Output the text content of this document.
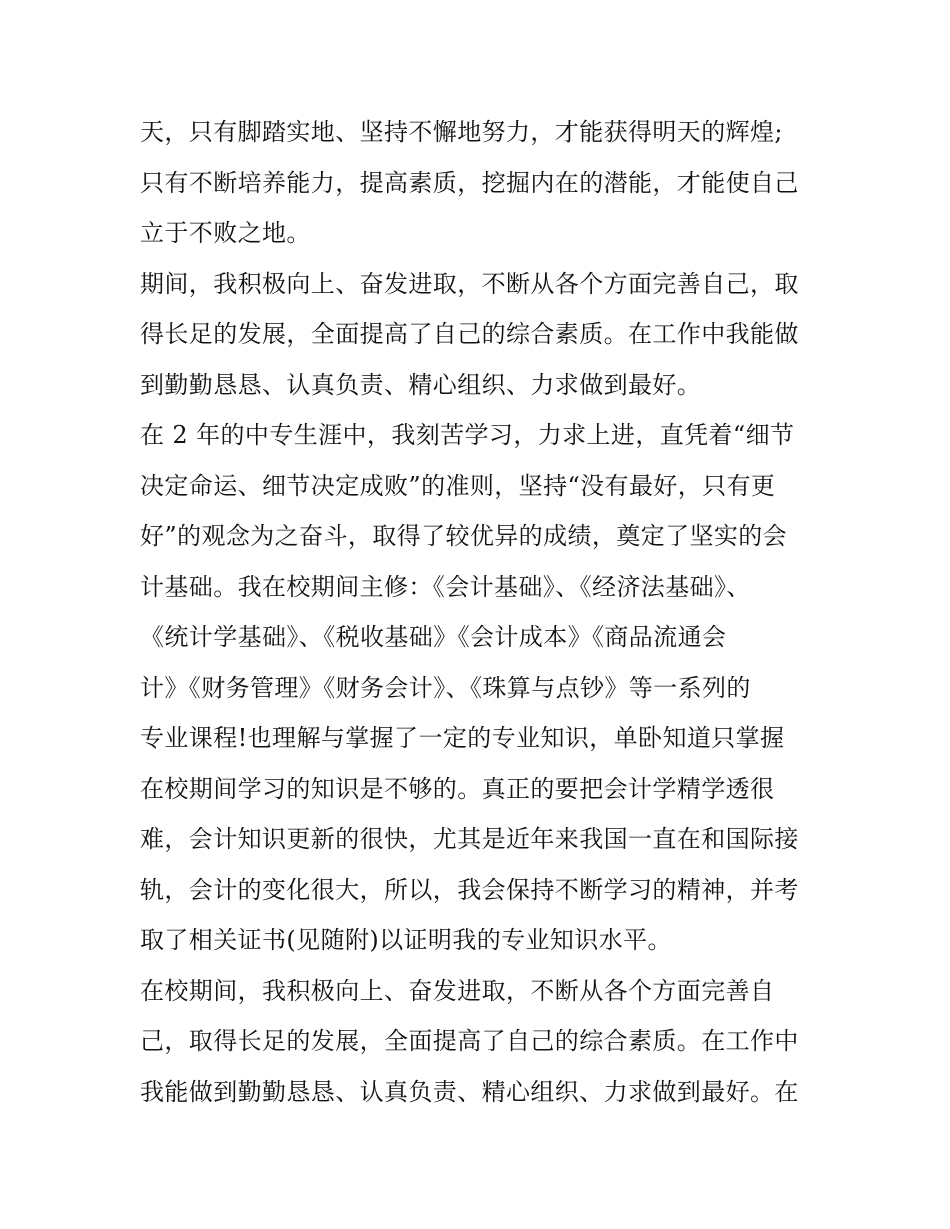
天，只有脚踏实地、坚持不懈地努力，才能获得明天的辉煌;
只有不断培养能力，提高素质，挖掘内在的潜能，才能使自己
立于不败之地。
期间，我积极向上、奋发进取，不断从各个方面完善自己，取
得长足的发展，全面提高了自己的综合素质。在工作中我能做
到勤勤恳恳、认真负责、精心组织、力求做到最好。
在 2 年的中专生涯中，我刻苦学习，力求上进，直凭着“细节
决定命运、细节决定成败”的准则，坚持“没有最好，只有更
好”的观念为之奋斗，取得了较优异的成绩，奠定了坚实的会
计基础。我在校期间主修：《会计基础》、《经济法基础》、
《统计学基础》、《税收基础》《会计成本》《商品流通会
计》《财务管理》《财务会计》、《珠算与点钞》等一系列的
专业课程!也理解与掌握了一定的专业知识，单卧知道只掌握
在校期间学习的知识是不够的。真正的要把会计学精学透很
难，会计知识更新的很快，尤其是近年来我国一直在和国际接
轨，会计的变化很大，所以，我会保持不断学习的精神，并考
取了相关证书(见随附)以证明我的专业知识水平。
在校期间，我积极向上、奋发进取，不断从各个方面完善自
己，取得长足的发展，全面提高了自己的综合素质。在工作中
我能做到勤勤恳恳、认真负责、精心组织、力求做到最好。在
